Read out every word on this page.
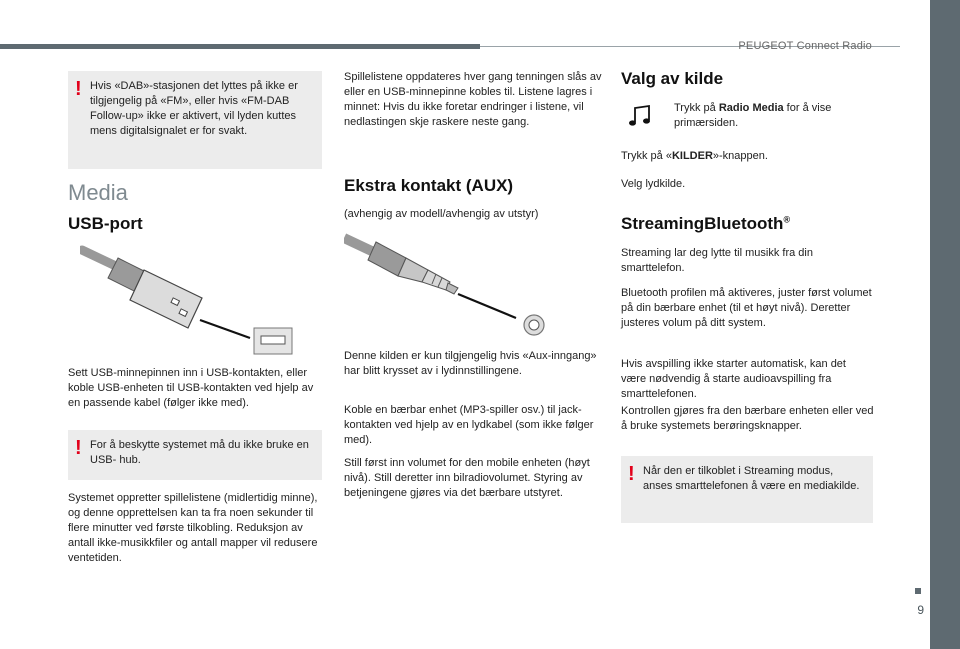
PEUGEOT Connect Radio
9
! Hvis «DAB»-stasjonen det lyttes på ikke er tilgjengelig på «FM», eller hvis «FM-DAB Follow-up» ikke er aktivert, vil lyden kuttes mens digitalsignalet er for svakt.

Media
USB-port

Sett USB-minnepinnen inn i USB-kontakten, eller koble USB-enheten til USB-kontakten ved hjelp av en passende kabel (følger ikke med).

! For å beskytte systemet må du ikke bruke en USB- hub.

Systemet oppretter spillelistene (midlertidig minne), og denne opprettelsen kan ta fra noen sekunder til flere minutter ved første tilkobling. Reduksjon av antall ikke-musikkfiler og antall mapper vil redusere ventetiden.

Spillelistene oppdateres hver gang tenningen slås av eller en USB-minnepinne kobles til. Listene lagres i minnet: Hvis du ikke foretar endringer i listene, vil nedlastingen skje raskere neste gang.

Ekstra kontakt (AUX)

(avhengig av modell/avhengig av utstyr)

Denne kilden er kun tilgjengelig hvis «Aux-inngang» har blitt krysset av i lydinnstillingene.

Koble en bærbar enhet (MP3-spiller osv.) til jack-kontakten ved hjelp av en lydkabel (som ikke følger med).

Still først inn volumet for den mobile enheten (høyt nivå). Still deretter inn bilradiovolumet. Styring av betjeningene gjøres via det bærbare utstyret.

Valg av kilde

Trykk på Radio Media for å vise primærsiden.

Trykk på «KILDER»-knappen.

Velg lydkilde.

StreamingBluetooth®

Streaming lar deg lytte til musikk fra din smarttelefon.

Bluetooth profilen må aktiveres, juster først volumet på din bærbare enhet (til et høyt nivå). Deretter justeres volum på ditt system.

Hvis avspilling ikke starter automatisk, kan det være nødvendig å starte audioavspilling fra smarttelefonen.

Kontrollen gjøres fra den bærbare enheten eller ved å bruke systemets berøringsknapper.

! Når den er tilkoblet i Streaming modus, anses smarttelefonen å være en mediakilde.
